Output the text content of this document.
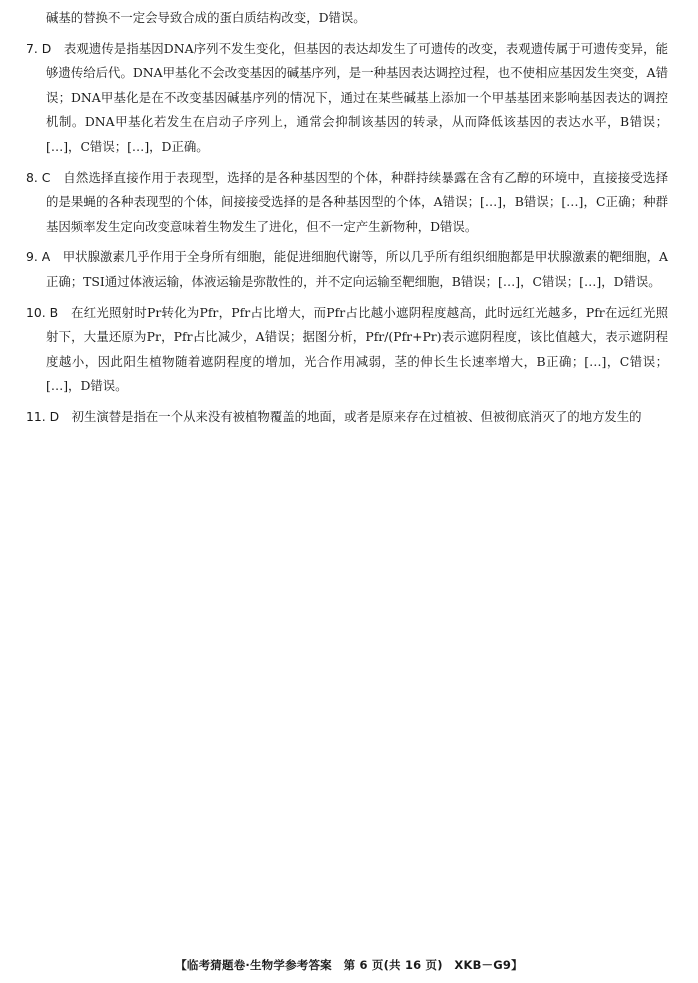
碱基的替换不一定会导致合成的蛋白质结构改变，D错误。

7. D　 表观遗传是指基因DNA序列不发生变化，但基因的表达却发生了可遗传的改变，表观遗传属于可遗传变异，能够遗传给后代。DNA甲基化不会改变基因的碱基序列，是一种基因表达调控过程，也不使相应基因发生突变，A错误；DNA甲基化是在不改变基因碱基序列的情况下，通过在某些碱基上添加一个甲基基团来影响基因表达的调控机制。DNA甲基化若发生在启动子序列上，通常会抑制该基因的转录，从而降低该基因的表达水平，B错误；[…]，C错误；[…]，D正确。

8. C　 自然选择直接作用于表现型，选择的是各种基因型的个体，种群持续暴露在含有乙醇的环境中，直接接受选择的是果蝇的各种表现型的个体，间接接受选择的是各种基因型的个体，A错误；[…]，B错误；[…]，C正确；种群基因频率发生定向改变意味着生物发生了进化，但不一定产生新物种，D错误。

9. A　 甲状腺激素几乎作用于全身所有细胞，能促进细胞代谢等，所以几乎所有组织细胞都是甲状腺激素的靶细胞，A正确；TSI通过体液运输，体液运输是弥散性的，并不定向运输至靶细胞，B错误；[…]，C错误；[…]，D错误。

10. B　 在红光照射时Pr转化为Pfr，Pfr占比增大，而Pfr占比越小遮阴程度越高，此时远红光越多，Pfr在远红光照射下，大量还原为Pr，Pfr占比减少，A错误；据图分析，Pfr/(Pfr+Pr)表示遮阴程度，该比值越大，表示遮阴程度越小，因此阳生植物随着遮阴程度的增加，光合作用减弱，茎的伸长生长速率增大，B正确；[…]，C错误；[…]，D错误。

11. D　 初生演替是指在一个从来没有被植物覆盖的地面，或者是原来存在过植被、但被彻底消灭了的地方发生的

【临考猜题卷·生物学参考答案　第 6 页(共 16 页)　XKB－G9】
